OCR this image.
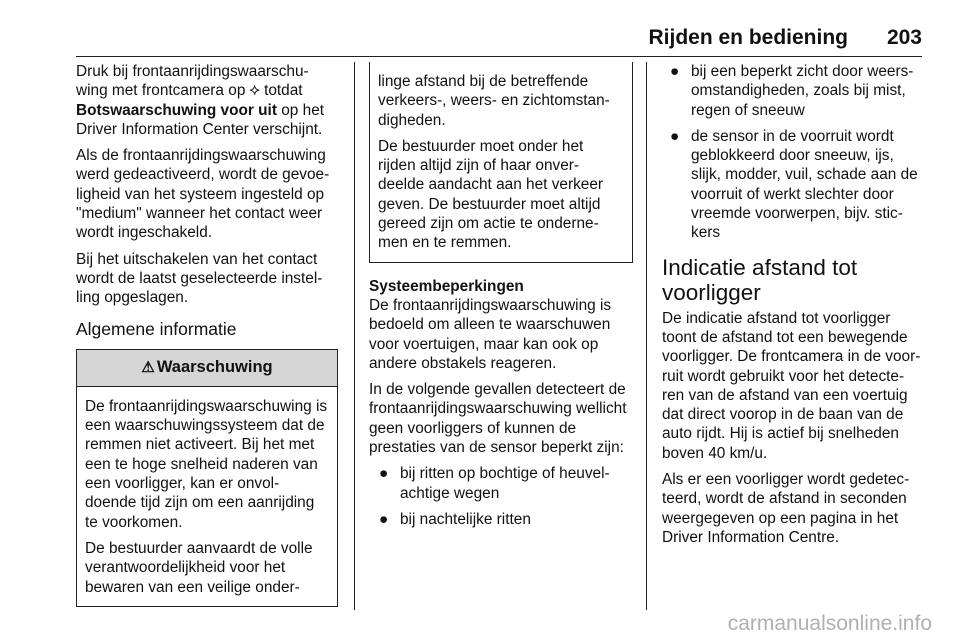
Rijden en bediening 203

Druk bij frontaanrijdingswaarschu-wing met frontcamera op ⯎ totdat Botswaarschuwing voor uit op het Driver Information Center verschijnt.

Als de frontaanrijdingswaarschuwing werd gedeactiveerd, wordt de gevoe-ligheid van het systeem ingesteld op "medium" wanneer het contact weer wordt ingeschakeld.

Bij het uitschakelen van het contact wordt de laatst geselecteerde instel-ling opgeslagen.

Algemene informatie
⚠ Waarschuwing

De frontaanrijdingswaarschuwing is een waarschuwingssysteem dat de remmen niet activeert. Bij het met een te hoge snelheid naderen van een voorligger, kan er onvol-doende tijd zijn om een aanrijding te voorkomen.

De bestuurder aanvaardt de volle verantwoordelijkheid voor het bewaren van een veilige onder-

linge afstand bij de betreffende verkeers-, weers- en zichtomstan-digheden.

De bestuurder moet onder het rijden altijd zijn of haar onver-deelde aandacht aan het verkeer geven. De bestuurder moet altijd gereed zijn om actie te onderne-men en te remmen.

Systeembeperkingen

De frontaanrijdingswaarschuwing is bedoeld om alleen te waarschuwen voor voertuigen, maar kan ook op andere obstakels reageren.

In de volgende gevallen detecteert de frontaanrijdingswaarschuwing wellicht geen voorliggers of kunnen de prestaties van de sensor beperkt zijn:

● bij ritten op bochtige of heuvel-achtige wegen
● bij nachtelijke ritten
● bij een beperkt zicht door weers-omstandigheden, zoals bij mist, regen of sneeuw
● de sensor in de voorruit wordt geblokkeerd door sneeuw, ijs, slijk, modder, vuil, schade aan de voorruit of werkt slechter door vreemde voorwerpen, bijv. stic-kers
Indicatie afstand tot voorligger

De indicatie afstand tot voorligger toont de afstand tot een bewegende voorligger. De frontcamera in de voor-ruit wordt gebruikt voor het detecte-ren van de afstand van een voertuig dat direct voorop in de baan van de auto rijdt. Hij is actief bij snelheden boven 40 km/u.

Als er een voorligger wordt gedetec-teerd, wordt de afstand in seconden weergegeven op een pagina in het Driver Information Centre.

carmanualsonline.info
